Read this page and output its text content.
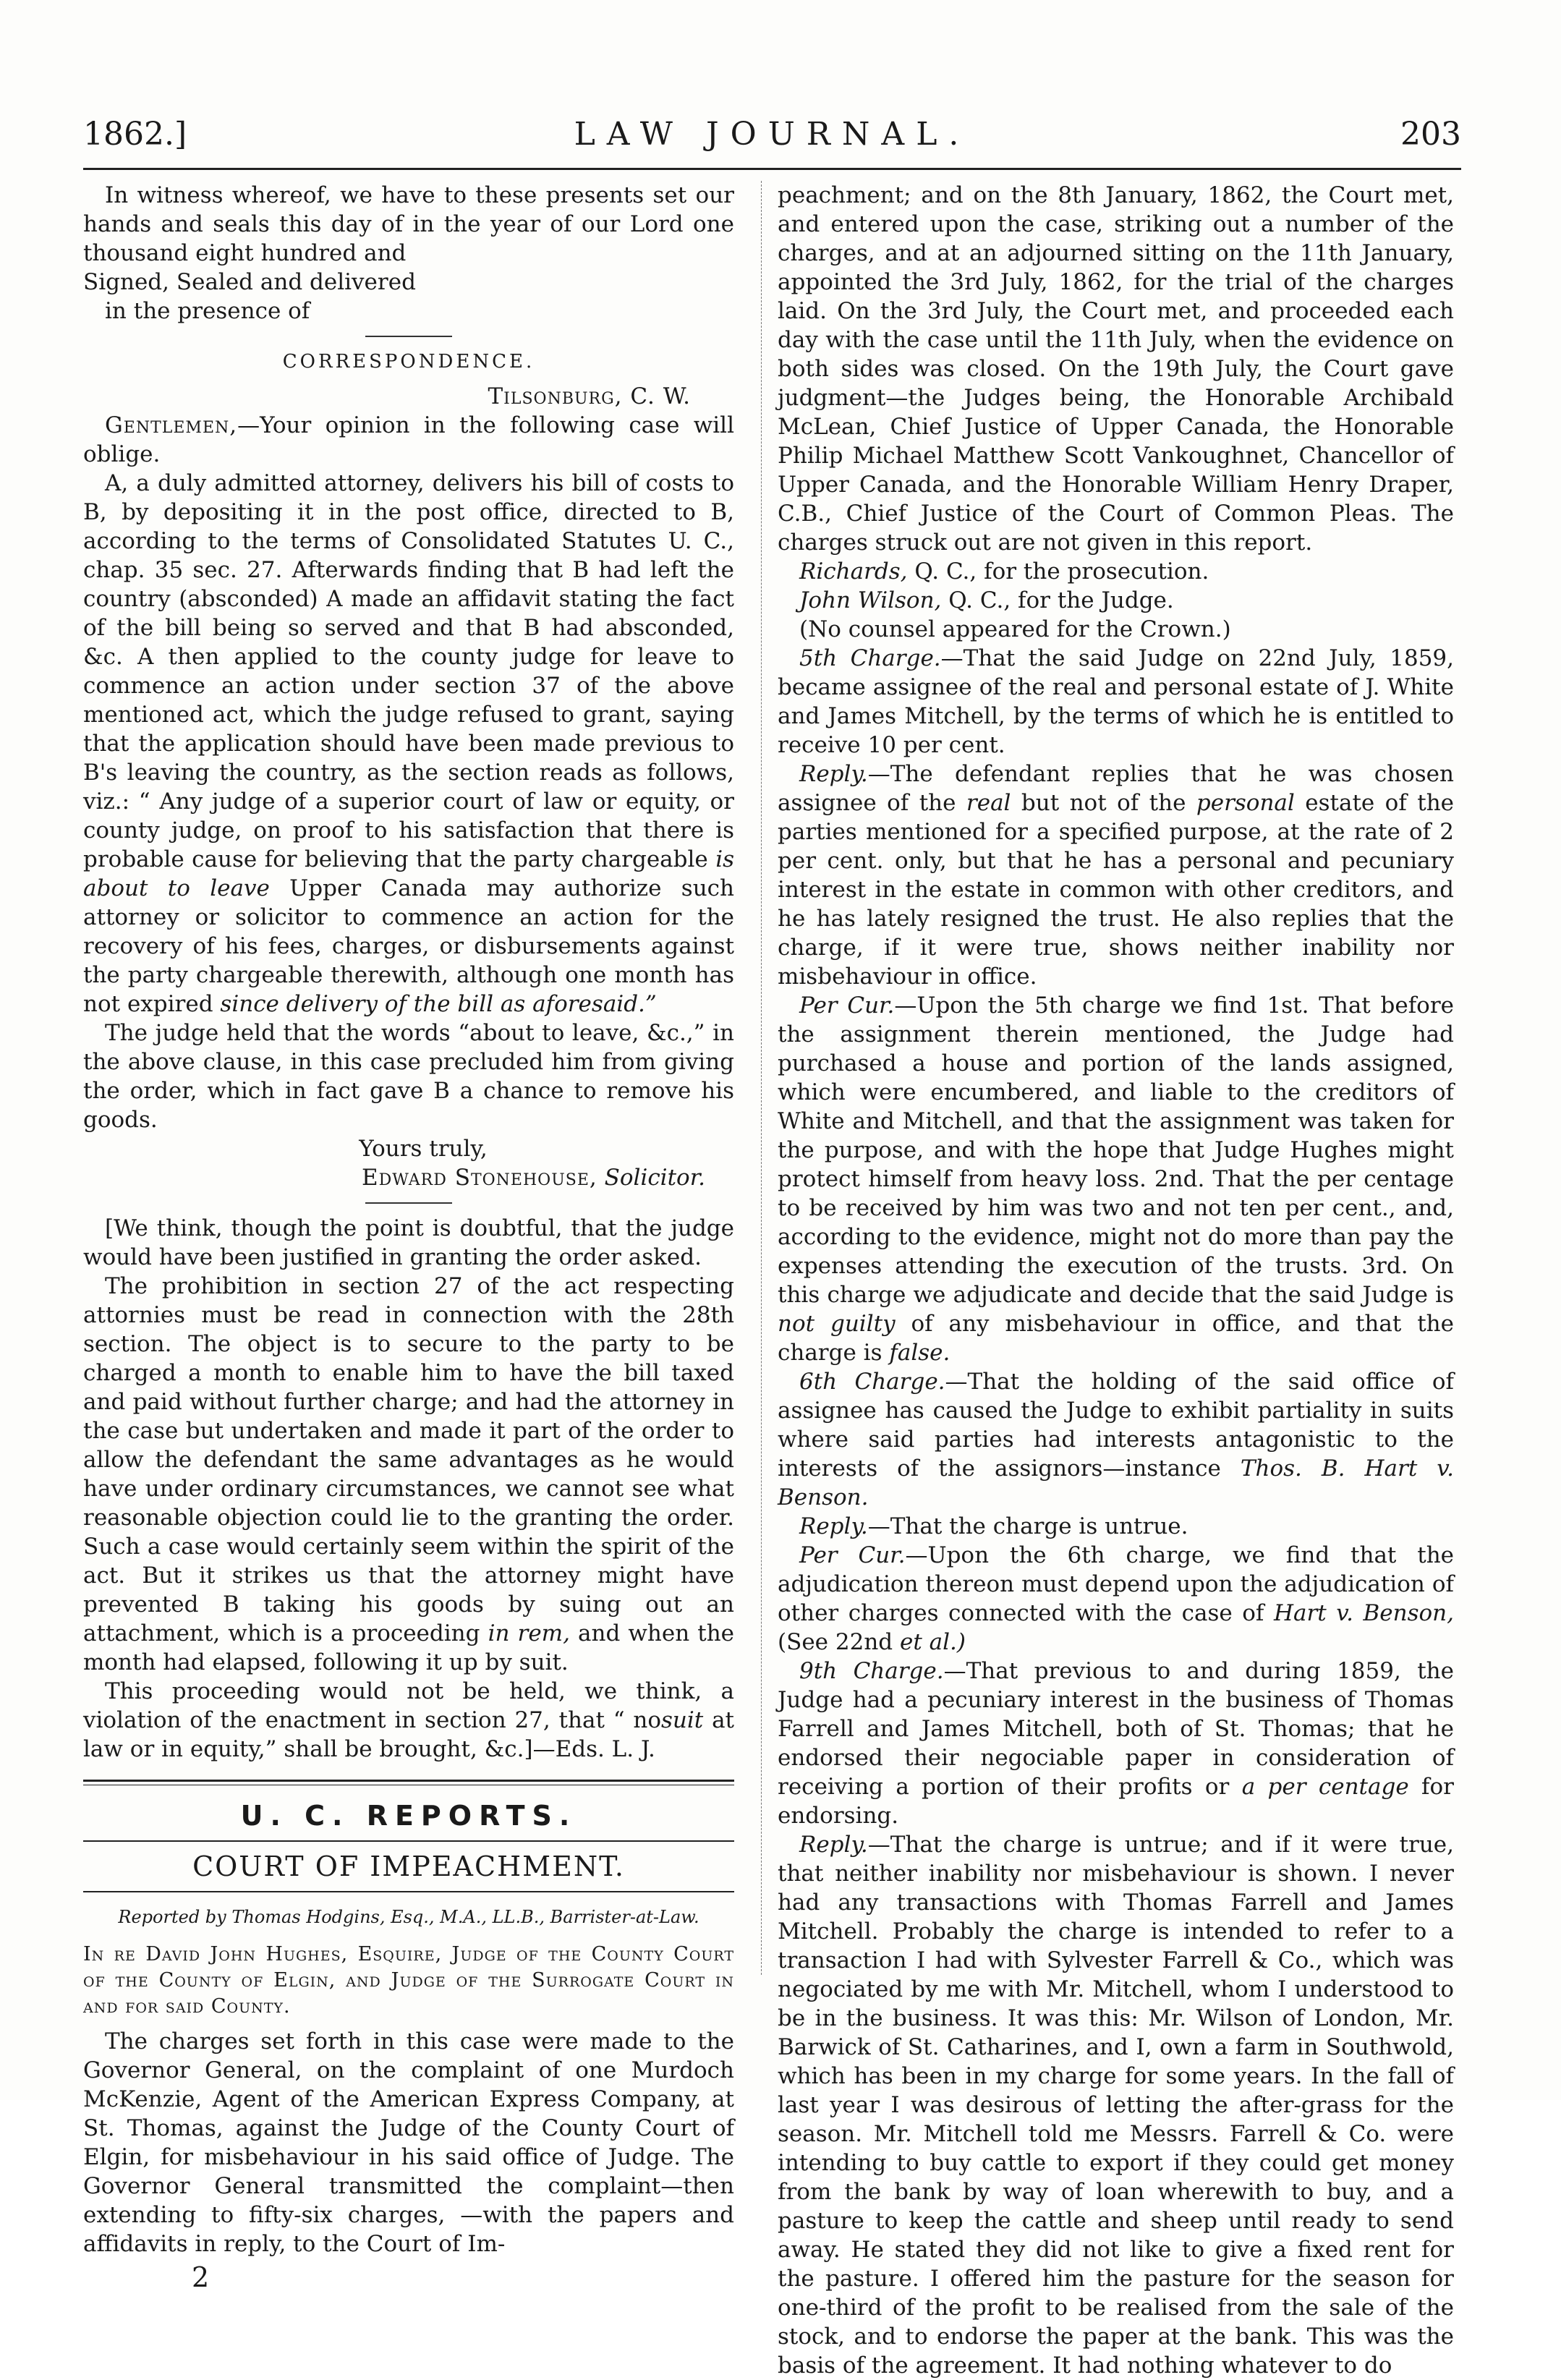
1862.]	LAW JOURNAL.	203

In witness whereof, we have to these presents set our hands and seals this day of in the year of our Lord one thousand eight hundred and

Signed, Sealed and delivered

in the presence of

CORRESPONDENCE.

Tilsonburg, C. W.

Gentlemen,—Your opinion in the following case will oblige.

A, a duly admitted attorney, delivers his bill of costs to B, by depositing it in the post office, directed to B, according to the terms of Consolidated Statutes U. C., chap. 35 sec. 27. Afterwards finding that B had left the country (absconded) A made an affidavit stating the fact of the bill being so served and that B had absconded, &c. A then applied to the county judge for leave to commence an action under section 37 of the above mentioned act, which the judge refused to grant, saying that the application should have been made previous to B's leaving the country, as the section reads as follows, viz.: “ Any judge of a superior court of law or equity, or county judge, on proof to his satisfaction that there is probable cause for believing that the party chargeable is about to leave Upper Canada may authorize such attorney or solicitor to commence an action for the recovery of his fees, charges, or disbursements against the party chargeable therewith, although one month has not expired since delivery of the bill as aforesaid.”

The judge held that the words “about to leave, &c.,” in the above clause, in this case precluded him from giving the order, which in fact gave B a chance to remove his goods.

Yours truly,

Edward Stonehouse, Solicitor.

[We think, though the point is doubtful, that the judge would have been justified in granting the order asked.

The prohibition in section 27 of the act respecting attornies must be read in connection with the 28th section. The object is to secure to the party to be charged a month to enable him to have the bill taxed and paid without further charge; and had the attorney in the case but undertaken and made it part of the order to allow the defendant the same advantages as he would have under ordinary circumstances, we cannot see what reasonable objection could lie to the granting the order. Such a case would certainly seem within the spirit of the act. But it strikes us that the attorney might have prevented B taking his goods by suing out an attachment, which is a proceeding in rem, and when the month had elapsed, following it up by suit.

This proceeding would not be held, we think, a violation of the enactment in section 27, that “ nosuit at law or in equity,” shall be brought, &c.]—Eds. L. J.

U. C. REPORTS.

COURT OF IMPEACHMENT.

Reported by Thomas Hodgins, Esq., M.A., LL.B., Barrister-at-Law.

In re David John Hughes, Esquire, Judge of the County Court of the County of Elgin, and Judge of the Surrogate Court in and for said County.

The charges set forth in this case were made to the Governor General, on the complaint of one Murdoch McKenzie, Agent of the American Express Company, at St. Thomas, against the Judge of the County Court of Elgin, for misbehaviour in his said office of Judge. The Governor General transmitted the complaint—then extending to fifty-six charges, —with the papers and affidavits in reply, to the Court of Im-

2

peachment; and on the 8th January, 1862, the Court met, and entered upon the case, striking out a number of the charges, and at an adjourned sitting on the 11th January, appointed the 3rd July, 1862, for the trial of the charges laid. On the 3rd July, the Court met, and proceeded each day with the case until the 11th July, when the evidence on both sides was closed. On the 19th July, the Court gave judgment—the Judges being, the Honorable Archibald McLean, Chief Justice of Upper Canada, the Honorable Philip Michael Matthew Scott Vankoughnet, Chancellor of Upper Canada, and the Honorable William Henry Draper, C.B., Chief Justice of the Court of Common Pleas. The charges struck out are not given in this report.

Richards, Q. C., for the prosecution.

John Wilson, Q. C., for the Judge.

(No counsel appeared for the Crown.)

5th Charge.—That the said Judge on 22nd July, 1859, became assignee of the real and personal estate of J. White and James Mitchell, by the terms of which he is entitled to receive 10 per cent.

Reply.—The defendant replies that he was chosen assignee of the real but not of the personal estate of the parties mentioned for a specified purpose, at the rate of 2 per cent. only, but that he has a personal and pecuniary interest in the estate in common with other creditors, and he has lately resigned the trust. He also replies that the charge, if it were true, shows neither inability nor misbehaviour in office.

Per Cur.—Upon the 5th charge we find 1st. That before the assignment therein mentioned, the Judge had purchased a house and portion of the lands assigned, which were encumbered, and liable to the creditors of White and Mitchell, and that the assignment was taken for the purpose, and with the hope that Judge Hughes might protect himself from heavy loss. 2nd. That the per centage to be received by him was two and not ten per cent., and, according to the evidence, might not do more than pay the expenses attending the execution of the trusts. 3rd. On this charge we adjudicate and decide that the said Judge is not guilty of any misbehaviour in office, and that the charge is false.

6th Charge.—That the holding of the said office of assignee has caused the Judge to exhibit partiality in suits where said parties had interests antagonistic to the interests of the assignors—instance Thos. B. Hart v. Benson.

Reply.—That the charge is untrue.

Per Cur.—Upon the 6th charge, we find that the adjudication thereon must depend upon the adjudication of other charges connected with the case of Hart v. Benson, (See 22nd et al.)

9th Charge.—That previous to and during 1859, the Judge had a pecuniary interest in the business of Thomas Farrell and James Mitchell, both of St. Thomas; that he endorsed their negociable paper in consideration of receiving a portion of their profits or a per centage for endorsing.

Reply.—That the charge is untrue; and if it were true, that neither inability nor misbehaviour is shown. I never had any transactions with Thomas Farrell and James Mitchell. Probably the charge is intended to refer to a transaction I had with Sylvester Farrell & Co., which was negociated by me with Mr. Mitchell, whom I understood to be in the business. It was this: Mr. Wilson of London, Mr. Barwick of St. Catharines, and I, own a farm in Southwold, which has been in my charge for some years. In the fall of last year I was desirous of letting the after-grass for the season. Mr. Mitchell told me Messrs. Farrell & Co. were intending to buy cattle to export if they could get money from the bank by way of loan wherewith to buy, and a pasture to keep the cattle and sheep until ready to send away. He stated they did not like to give a fixed rent for the pasture. I offered him the pasture for the season for one-third of the profit to be realised from the sale of the stock, and to endorse the paper at the bank. This was the basis of the agreement. It had nothing whatever to do
